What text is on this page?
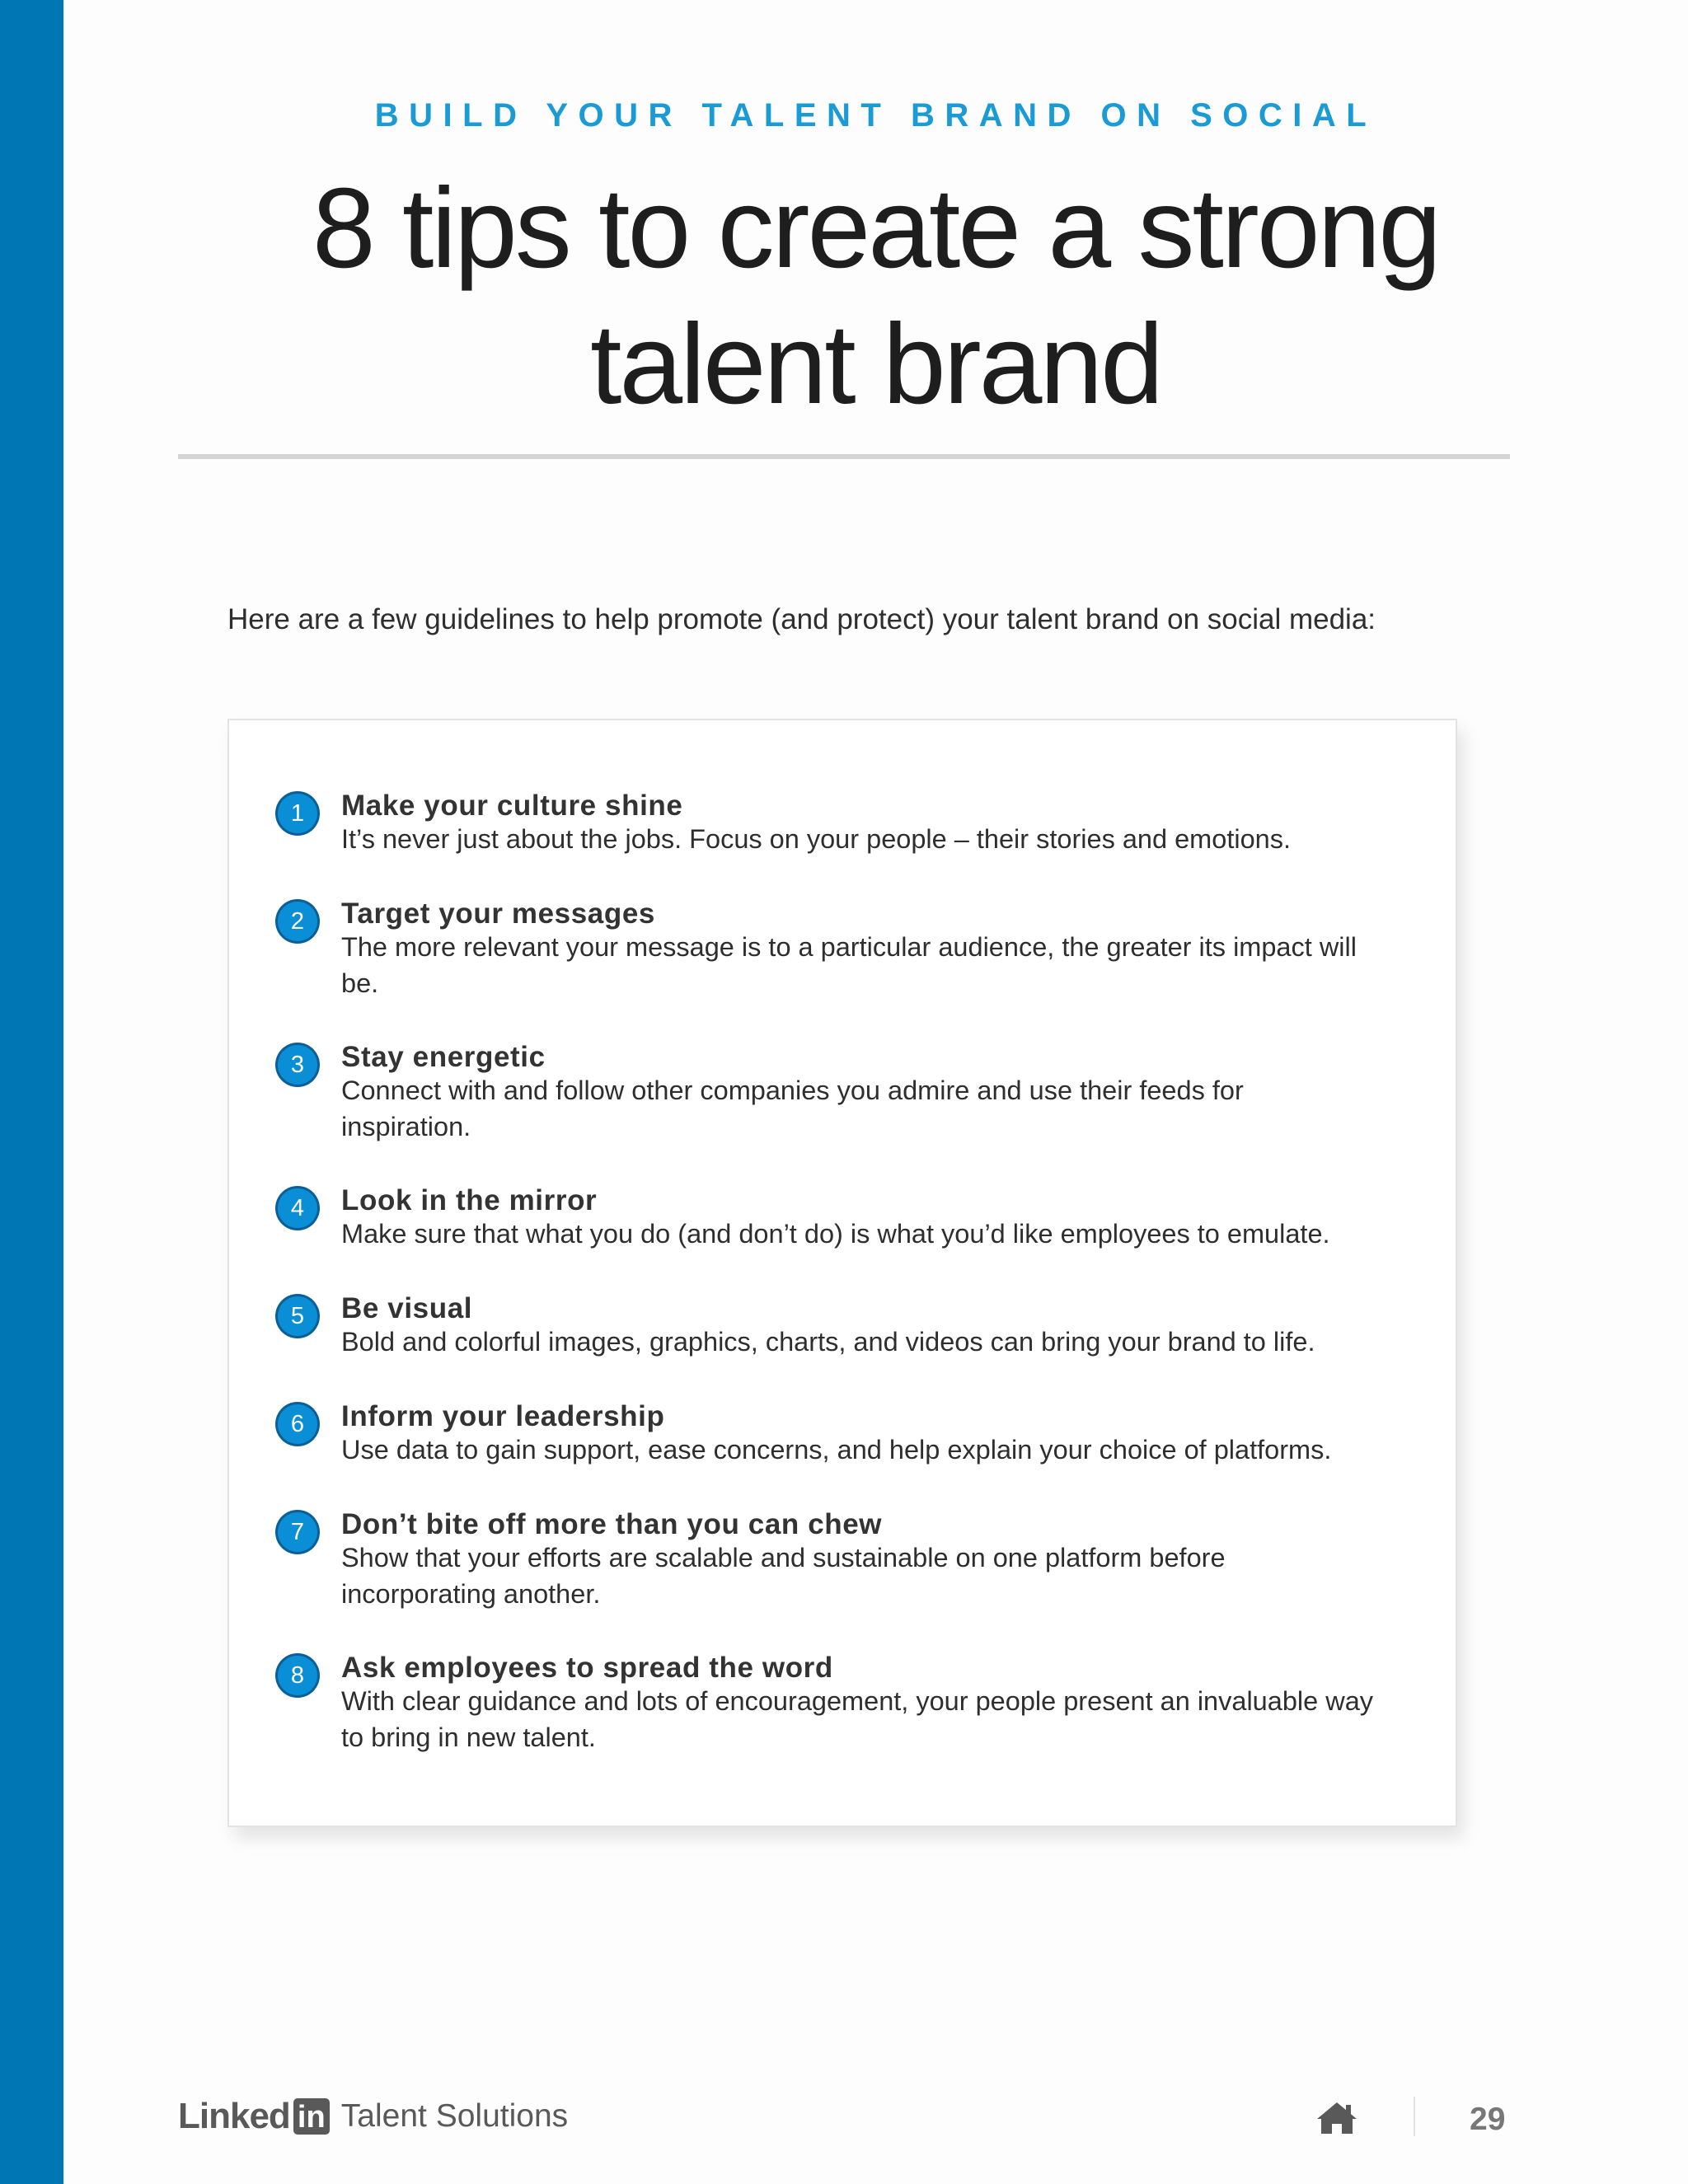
BUILD YOUR TALENT BRAND ON SOCIAL
8 tips to create a strong
talent brand
Here are a few guidelines to help promote (and protect) your talent brand on social media:
1	Make your culture shine
It’s never just about the jobs. Focus on your people – their stories and emotions.
2	Target your messages
The more relevant your message is to a particular audience, the greater its impact will be.
3	Stay energetic
Connect with and follow other companies you admire and use their feeds for inspiration.
4	Look in the mirror
Make sure that what you do (and don’t do) is what you’d like employees to emulate.
5	Be visual
Bold and colorful images, graphics, charts, and videos can bring your brand to life.
6	Inform your leadership
Use data to gain support, ease concerns, and help explain your choice of platforms.
7	Don’t bite off more than you can chew
Show that your efforts are scalable and sustainable on one platform before incorporating another.
8	Ask employees to spread the word
With clear guidance and lots of encouragement, your people present an invaluable way to bring in new talent.
Linked in Talent Solutions	29
